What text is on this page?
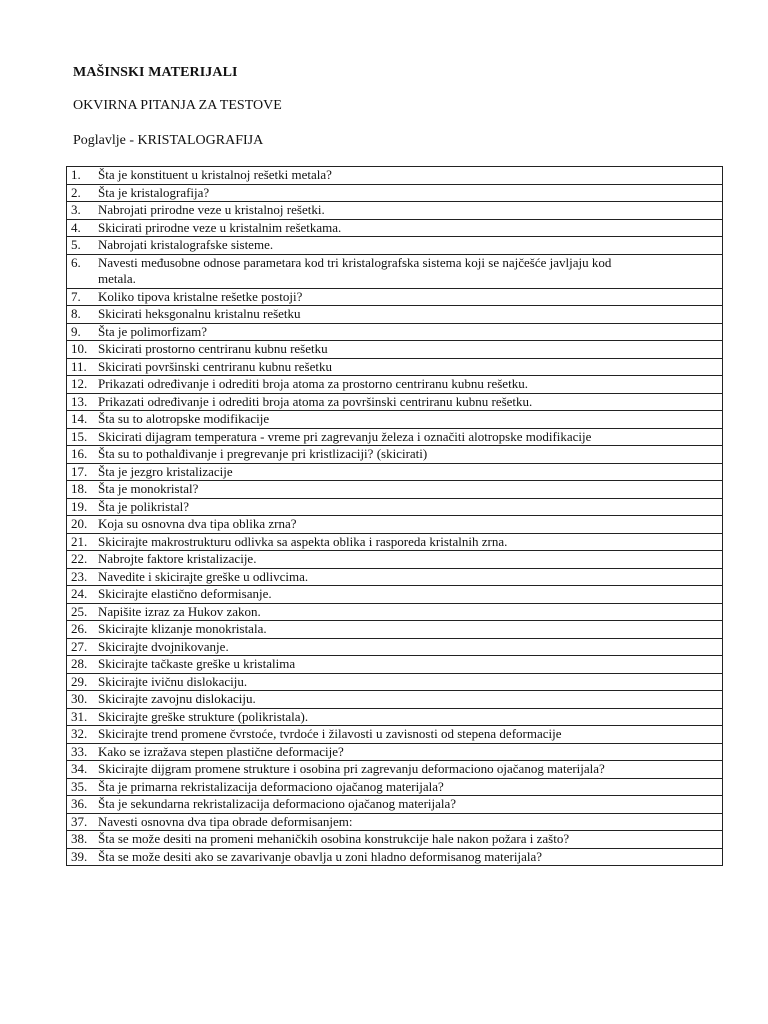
MAŠINSKI MATERIJALI
OKVIRNA PITANJA ZA TESTOVE
Poglavlje - KRISTALOGRAFIJA
1. Šta je konstituent u kristalnoj rešetki metala?
2. Šta je kristalografija?
3. Nabrojati prirodne veze u kristalnoj rešetki.
4. Skicirati prirodne veze u kristalnim rešetkama.
5. Nabrojati kristalografske sisteme.
6. Navesti međusobne odnose parametara kod tri kristalografska sistema koji se najčešće javljaju kod
metala.

7. Koliko tipova kristalne rešetke postoji?
8. Skicirati heksgonalnu kristalnu rešetku
9. Šta je polimorfizam?
10. Skicirati prostorno centriranu kubnu rešetku
11. Skicirati površinski centriranu kubnu rešetku
12. Prikazati određivanje i odrediti broja atoma za prostorno centriranu kubnu rešetku.
13. Prikazati određivanje i odrediti broja atoma za površinski centriranu kubnu rešetku.
14. Šta su to alotropske modifikacije
15. Skicirati dijagram temperatura - vreme pri zagrevanju železa i označiti alotropske modifikacije
16. Šta su to pothalđivanje i pregrevanje pri kristlizaciji? (skicirati)
17. Šta je jezgro kristalizacije
18. Šta je monokristal?
19. Šta je polikristal?
20. Koja su osnovna dva tipa oblika zrna?
21. Skicirajte makrostrukturu odlivka sa aspekta oblika i rasporeda kristalnih zrna.
22. Nabrojte faktore kristalizacije.
23. Navedite i skicirajte greške u odlivcima.
24. Skicirajte elastično deformisanje.
25. Napišite izraz za Hukov zakon.
26. Skicirajte klizanje monokristala.
27. Skicirajte dvojnikovanje.
28. Skicirajte tačkaste greške u kristalima
29. Skicirajte ivičnu dislokaciju.
30. Skicirajte zavojnu dislokaciju.
31. Skicirajte greške strukture (polikristala).
32. Skicirajte trend promene čvrstoće, tvrdoće i žilavosti u zavisnosti od stepena deformacije
33. Kako se izražava stepen plastične deformacije?
34. Skicirajte dijgram promene strukture i osobina pri zagrevanju deformaciono ojačanog materijala?
35. Šta je primarna rekristalizacija deformaciono ojačanog materijala?
36. Šta je sekundarna rekristalizacija deformaciono ojačanog materijala?
37. Navesti osnovna dva tipa obrade deformisanjem:
38. Šta se može desiti na promeni mehaničkih osobina konstrukcije hale nakon požara i zašto?
39. Šta se može desiti ako se zavarivanje obavlja u zoni hladno deformisanog materijala?
